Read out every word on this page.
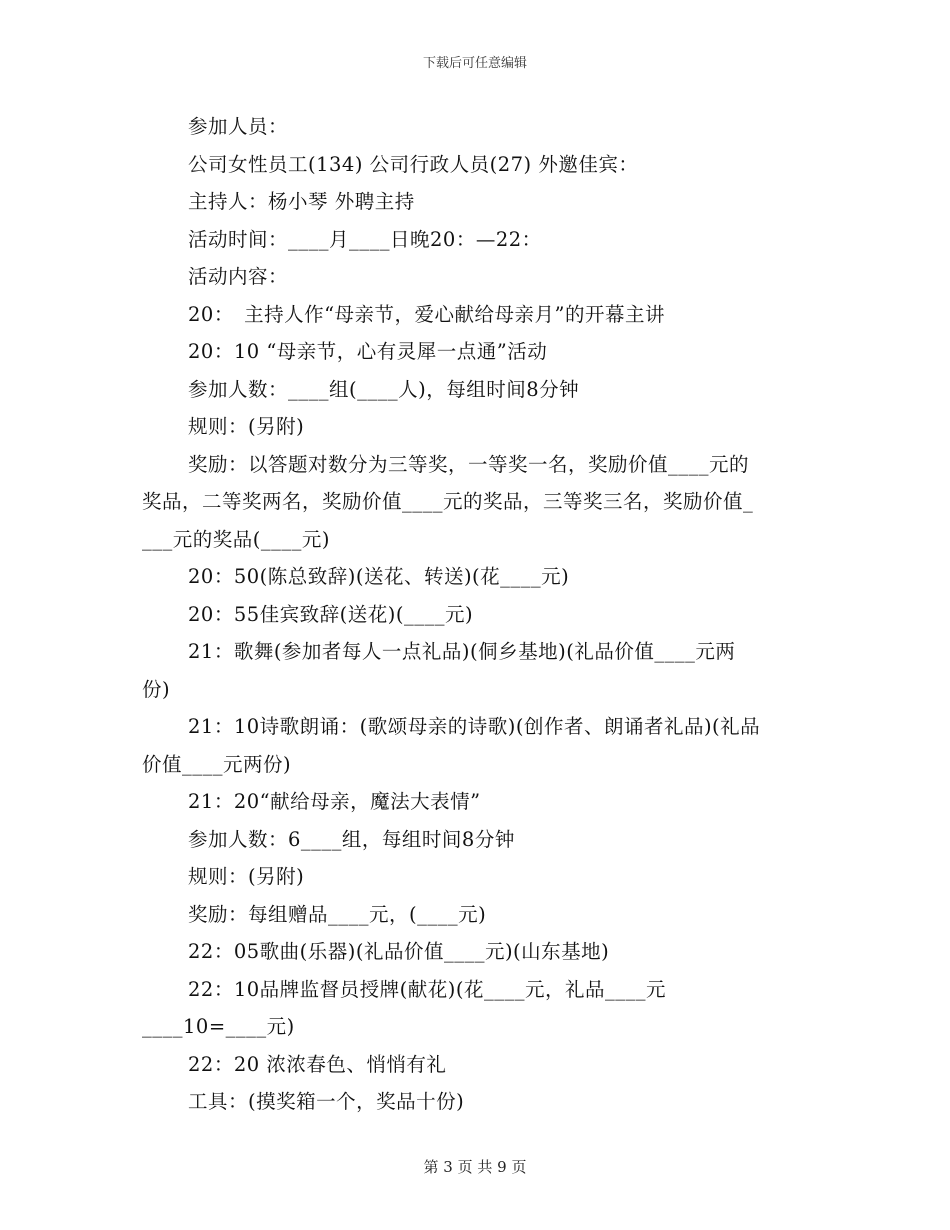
下载后可任意编辑
参加人员：
公司女性员工(134) 公司行政人员(27) 外邀佳宾：
主持人：杨小琴 外聘主持
活动时间：____月____日晚20：—22：
活动内容：
20：　主持人作“母亲节，爱心献给母亲月”的开幕主讲
20：10 “母亲节，心有灵犀一点通”活动
参加人数：____组(____人)，每组时间8分钟
规则：(另附)
奖励：以答题对数分为三等奖，一等奖一名，奖励价值____元的
奖品，二等奖两名，奖励价值____元的奖品，三等奖三名，奖励价值_
___元的奖品(____元)
20：50(陈总致辞)(送花、转送)(花____元)
20：55佳宾致辞(送花)(____元)
21：歌舞(参加者每人一点礼品)(侗乡基地)(礼品价值____元两
份)
21：10诗歌朗诵：(歌颂母亲的诗歌)(创作者、朗诵者礼品)(礼品
价值____元两份)
21：20“献给母亲，魔法大表情”
参加人数：6____组，每组时间8分钟
规则：(另附)
奖励：每组赠品____元，(____元)
22：05歌曲(乐器)(礼品价值____元)(山东基地)
22：10品牌监督员授牌(献花)(花____元，礼品____元
____10=____元)
22：20 浓浓春色、悄悄有礼
工具：(摸奖箱一个，奖品十份)
第 3 页 共 9 页
